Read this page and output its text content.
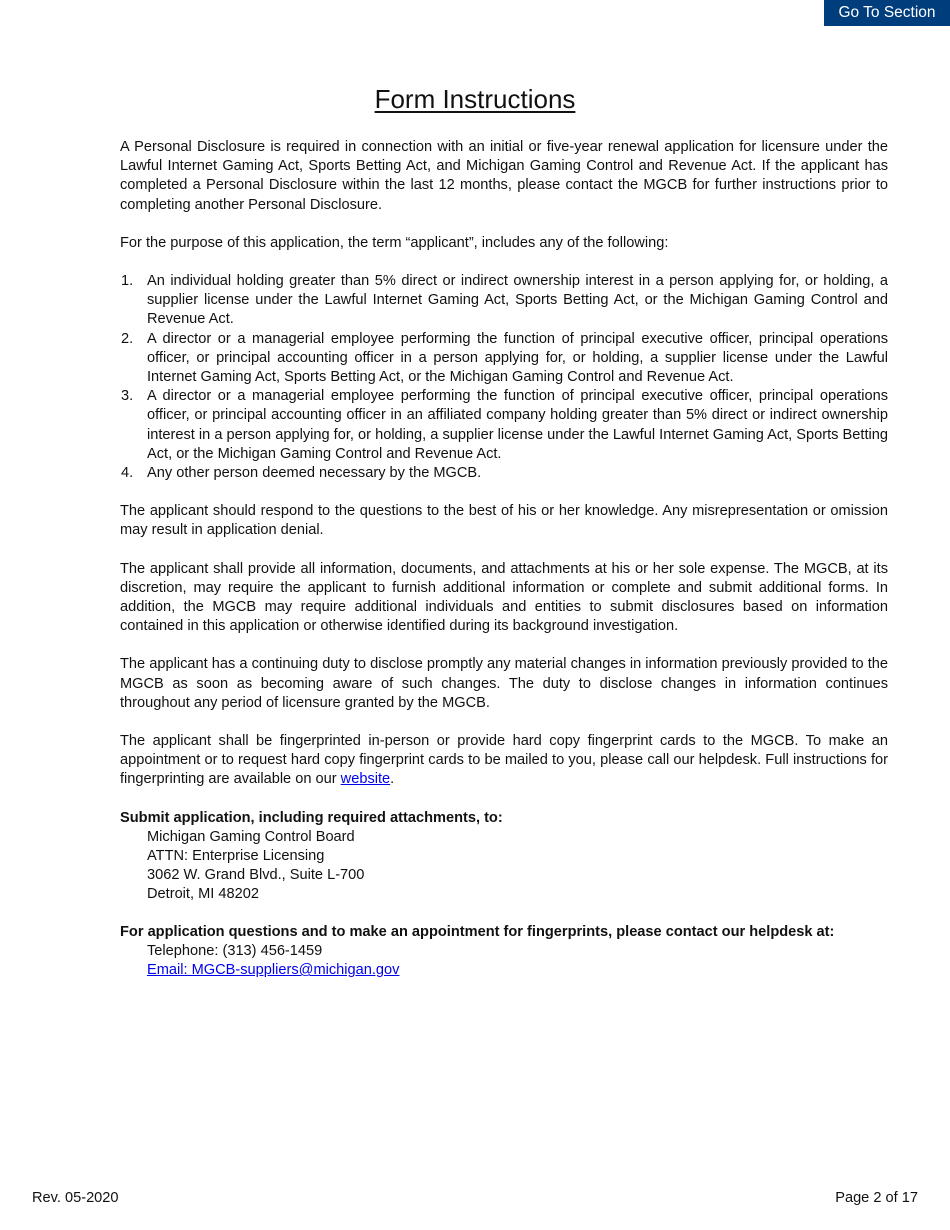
Go To Section
Form Instructions

A Personal Disclosure is required in connection with an initial or five-year renewal application for licensure under the Lawful Internet Gaming Act, Sports Betting Act, and Michigan Gaming Control and Revenue Act. If the applicant has completed a Personal Disclosure within the last 12 months, please contact the MGCB for further instructions prior to completing another Personal Disclosure.

For the purpose of this application, the term “applicant”, includes any of the following:

1. An individual holding greater than 5% direct or indirect ownership interest in a person applying for, or holding, a supplier license under the Lawful Internet Gaming Act, Sports Betting Act, or the Michigan Gaming Control and Revenue Act.
2. A director or a managerial employee performing the function of principal executive officer, principal operations officer, or principal accounting officer in a person applying for, or holding, a supplier license under the Lawful Internet Gaming Act, Sports Betting Act, or the Michigan Gaming Control and Revenue Act.
3. A director or a managerial employee performing the function of principal executive officer, principal operations officer, or principal accounting officer in an affiliated company holding greater than 5% direct or indirect ownership interest in a person applying for, or holding, a supplier license under the Lawful Internet Gaming Act, Sports Betting Act, or the Michigan Gaming Control and Revenue Act.
4. Any other person deemed necessary by the MGCB.

The applicant should respond to the questions to the best of his or her knowledge. Any misrepresentation or omission may result in application denial.

The applicant shall provide all information, documents, and attachments at his or her sole expense. The MGCB, at its discretion, may require the applicant to furnish additional information or complete and submit additional forms. In addition, the MGCB may require additional individuals and entities to submit disclosures based on information contained in this application or otherwise identified during its background investigation.

The applicant has a continuing duty to disclose promptly any material changes in information previously provided to the MGCB as soon as becoming aware of such changes. The duty to disclose changes in information continues throughout any period of licensure granted by the MGCB.

The applicant shall be fingerprinted in-person or provide hard copy fingerprint cards to the MGCB. To make an appointment or to request hard copy fingerprint cards to be mailed to you, please call our helpdesk. Full instructions for fingerprinting are available on our website.

Submit application, including required attachments, to:
Michigan Gaming Control Board
ATTN: Enterprise Licensing
3062 W. Grand Blvd., Suite L-700
Detroit, MI 48202
For application questions and to make an appointment for fingerprints, please contact our helpdesk at:
Telephone: (313) 456-1459
Email: MGCB-suppliers@michigan.gov
Rev. 05-2020	Page 2 of 17
